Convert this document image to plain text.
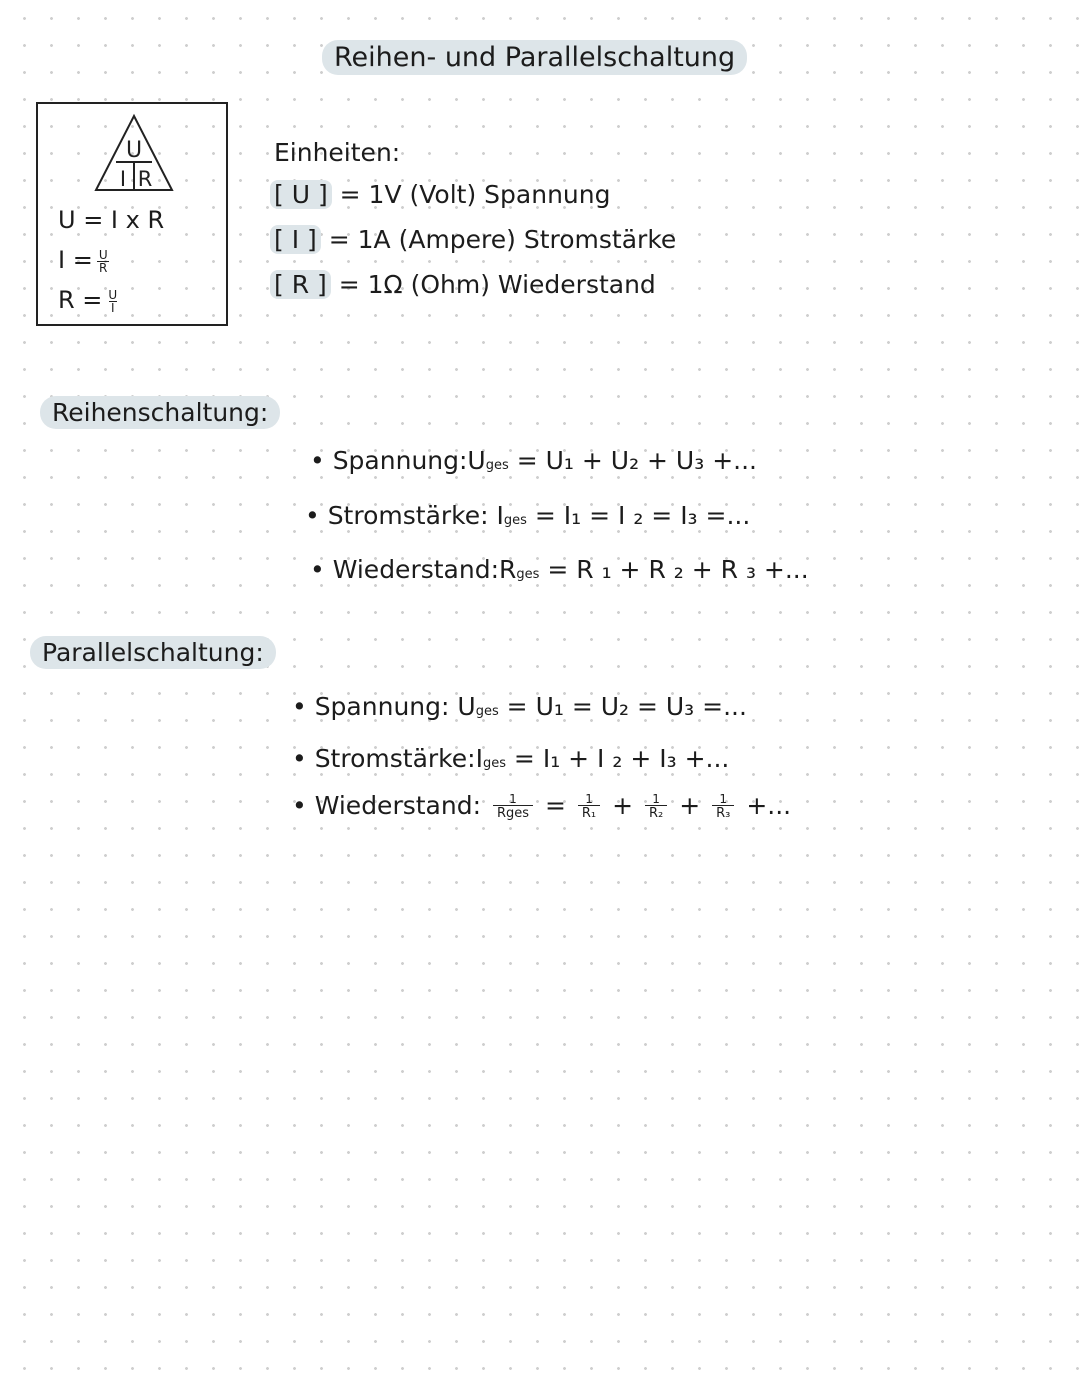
Reihen- und Parallelschaltung
U
I R
U = I x R
$I = \frac{U}{R}$
$R = \frac{U}{I}$
Einheiten:
[ U ] = 1V (Volt) Spannung
[ I ] = 1A (Ampere) Stromstärke
[ R ] = 1Ω (Ohm) Wiederstand
Reihenschaltung:
• Spannung:Uges = U₁ + U₂ + U₃ +...
• Stromstärke: Iges = I₁ = I ₂ = I₃ =...
• Wiederstand:Rges = R ₁ + R ₂ + R ₃ +...
Parallelschaltung:
• Spannung: Uges = U₁ = U₂ = U₃ =...
• Stromstärke:Iges = I₁ + I ₂ + I₃ +...
• Wiederstand: 1
Rges = $\frac{1}{\text{R₁}} + \frac{1}{\text{R₂}} + \frac{1}{\text{R₃}}$ +...
